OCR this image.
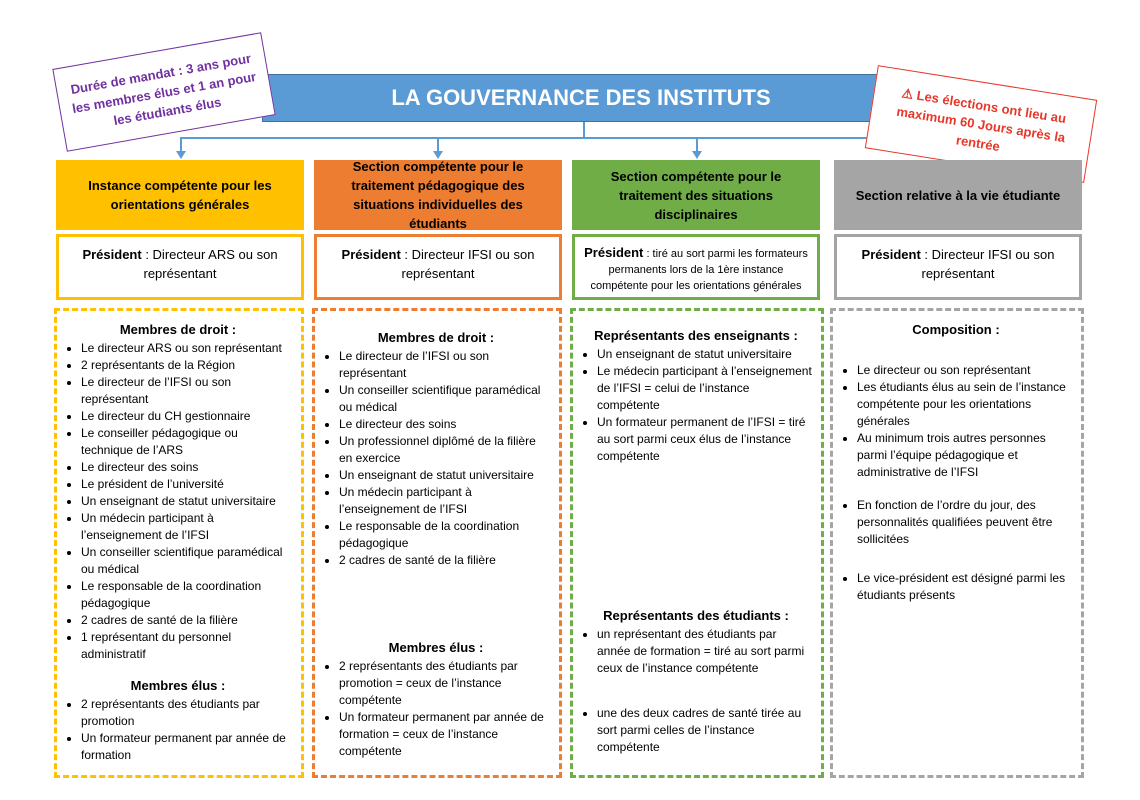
LA GOUVERNANCE DES INSTITUTS
Durée de mandat : 3 ans pour les membres élus et 1 an pour les étudiants élus
⚠ Les élections ont lieu au maximum 60 Jours après la rentrée
Instance compétente pour les orientations générales
Section compétente pour le traitement pédagogique des situations individuelles des étudiants
Section compétente pour le traitement des situations disciplinaires
Section relative à la vie étudiante
Président : Directeur ARS ou son représentant
Président : Directeur IFSI ou son représentant
Président : tiré au sort parmi les formateurs permanents lors de la 1ère instance compétente pour les orientations générales
Président : Directeur IFSI ou son représentant
Membres de droit :
• Le directeur ARS ou son représentant
• 2 représentants de la Région
• Le directeur de l’IFSI ou son représentant
• Le directeur du CH gestionnaire
• Le conseiller pédagogique ou technique de l’ARS
• Le directeur des soins
• Le président de l’université
• Un enseignant de statut universitaire
• Un médecin participant à l’enseignement de l’IFSI
• Un conseiller scientifique paramédical ou médical
• Le responsable de la coordination pédagogique
• 2 cadres de santé de la filière
• 1 représentant du personnel administratif
Membres élus :
• 2 représentants des étudiants par promotion
• Un formateur permanent par année de formation
Membres de droit :
• Le directeur de l’IFSI ou son représentant
• Un conseiller scientifique paramédical ou médical
• Le directeur des soins
• Un professionnel diplômé de la filière en exercice
• Un enseignant de statut universitaire
• Un médecin participant à l’enseignement de l’IFSI
• Le responsable de la coordination pédagogique
• 2 cadres de santé de la filière
Membres élus :
• 2 représentants des étudiants par promotion = ceux de l’instance compétente
• Un formateur permanent par année de formation = ceux de l’instance compétente
Représentants des enseignants :
• Un enseignant de statut universitaire
• Le médecin participant à l’enseignement de l’IFSI = celui de l’instance compétente
• Un formateur permanent de l’IFSI = tiré au sort parmi ceux élus de l’instance compétente
Représentants des étudiants :
• un représentant des étudiants par année de formation = tiré au sort parmi ceux de l’instance compétente
• une des deux cadres de santé tirée au sort parmi celles de l’instance compétente
Composition :
• Le directeur ou son représentant
• Les étudiants élus au sein de l’instance compétente pour les orientations générales
• Au minimum trois autres personnes parmi l’équipe pédagogique et administrative de l’IFSI
• En fonction de l’ordre du jour, des personnalités qualifiées peuvent être sollicitées
• Le vice-président est désigné parmi les étudiants présents
